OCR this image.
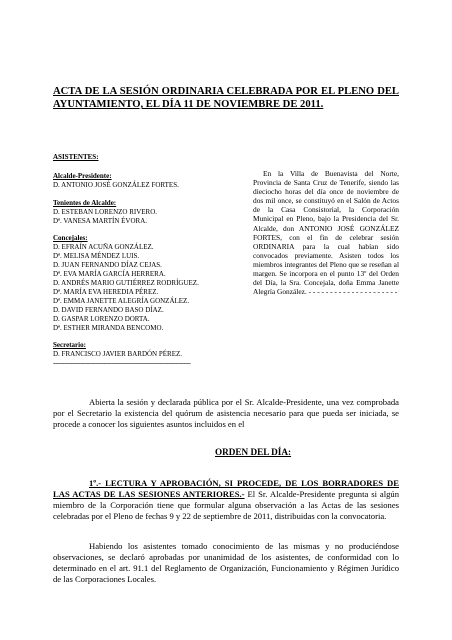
ACTA DE LA SESIÓN ORDINARIA CELEBRADA POR EL PLENO DEL AYUNTAMIENTO, EL DÍA 11 DE NOVIEMBRE DE 2011.
ASISTENTES:
Alcalde-Presidente:
D. ANTONIO JOSÉ GONZÁLEZ FORTES.
Tenientes de Alcalde:
D. ESTEBAN LORENZO RIVERO.
Dª. VANESA MARTÍN ÉVORA.
Concejales:
D. EFRAÍN ACUÑA GONZÁLEZ.
Dª. MELISA MÉNDEZ LUIS.
D. JUAN FERNANDO DÍAZ CEJAS.
Dª. EVA MARÍA GARCÍA HERRERA.
D. ANDRÉS MARIO GUTIÉRREZ RODRÍGUEZ.
Dª. MARÍA EVA HEREDIA PÉREZ.
Dª. EMMA JANETTE ALEGRÍA GONZÁLEZ.
D. DAVID FERNANDO BASO DÍAZ.
D. GASPAR LORENZO DORTA.
Dª. ESTHER MIRANDA BENCOMO.
Secretario:
D. FRANCISCO JAVIER BARDÓN PÉREZ.
---------------------------------------------------------------------------

En la Villa de Buenavista del Norte, Provincia de Santa Cruz de Tenerife, siendo las dieciocho horas del día once de noviembre de dos mil once, se constituyó en el Salón de Actos de la Casa Consistorial, la Corporación Municipal en Pleno, bajo la Presidencia del Sr. Alcalde, don ANTONIO JOSÉ GONZÁLEZ FORTES, con el fin de celebrar sesión ORDINARIA para la cual habían sido convocados previamente. Asisten todos los miembros integrantes del Pleno que se reseñan al margen. Se incorpora en el punto 13º del Orden del Día, la Sra. Concejala, doña Emma Janette Alegría González. - - - - - - - - - - - - - - - - - - - - -

Abierta la sesión y declarada pública por el Sr. Alcalde-Presidente, una vez comprobada por el Secretario la existencia del quórum de asistencia necesario para que pueda ser iniciada, se procede a conocer los siguientes asuntos incluidos en el

ORDEN DEL DÍA:

1º.- LECTURA Y APROBACIÓN, SI PROCEDE, DE LOS BORRADORES DE LAS ACTAS DE LAS SESIONES ANTERIORES.- El Sr. Alcalde-Presidente pregunta si algún miembro de la Corporación tiene que formular alguna observación a las Actas de las sesiones celebradas por el Pleno de fechas 9 y 22 de septiembre de 2011, distribuidas con la convocatoria.

Habiendo los asistentes tomado conocimiento de las mismas y no produciéndose observaciones, se declaró aprobadas por unanimidad de los asistentes, de conformidad con lo determinado en el art. 91.1 del Reglamento de Organización, Funcionamiento y Régimen Jurídico de las Corporaciones Locales.
